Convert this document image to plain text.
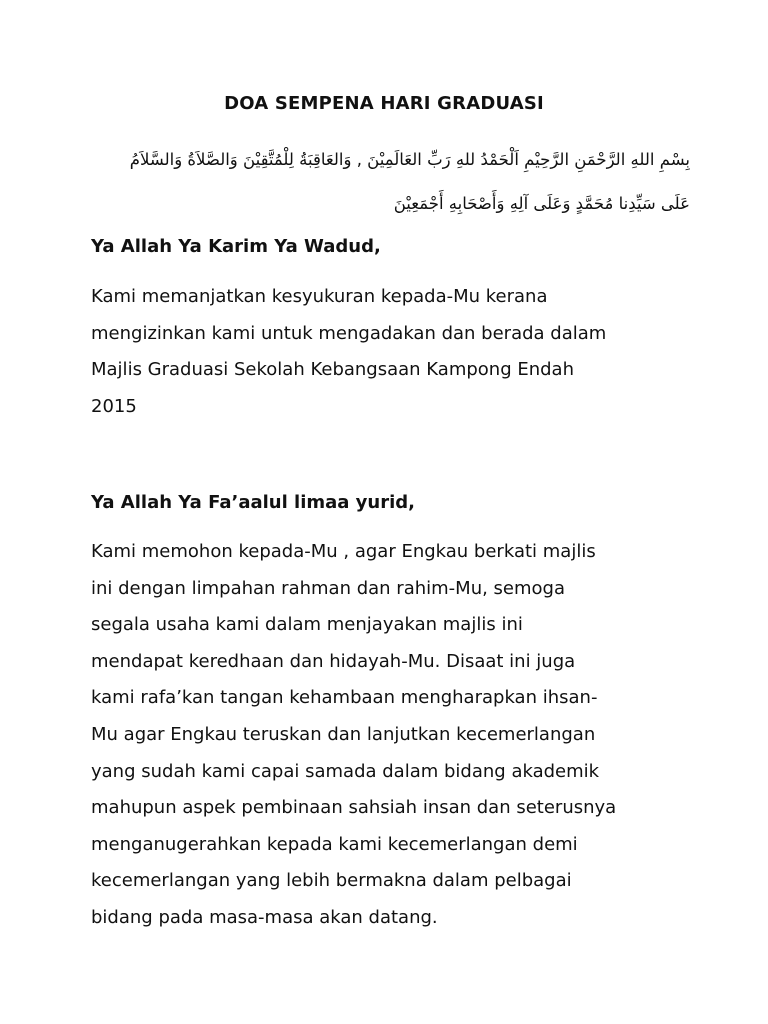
DOA SEMPENA HARI GRADUASI
بِسْمِ اللهِ الرَّحْمَنِ الرَّحِيْمِ اَلْحَمْدُ للهِ رَبِّ العَالَمِيْنَ , وَالعَاقِبَةُ لِلْمُتَّقِيْنَ وَالصَّلاَةُ وَالسَّلاَمُ
عَلَى سَيِّدِنا مُحَمَّدٍ وَعَلَى آلِهِ وَأَصْحَابِهِ أَجْمَعِيْنَ
Ya Allah Ya Karim Ya Wadud,
Kami memanjatkan kesyukuran kepada-Mu kerana
mengizinkan kami untuk mengadakan dan berada dalam
Majlis Graduasi Sekolah Kebangsaan Kampong Endah
2015
Ya Allah Ya Fa’aalul limaa yurid,
Kami memohon kepada-Mu , agar Engkau berkati majlis
ini dengan limpahan rahman dan rahim-Mu, semoga
segala usaha kami dalam menjayakan majlis ini
mendapat keredhaan dan hidayah-Mu. Disaat ini juga
kami rafa’kan tangan kehambaan mengharapkan ihsan-
Mu agar Engkau teruskan dan lanjutkan kecemerlangan
yang sudah kami capai samada dalam bidang akademik
mahupun aspek pembinaan sahsiah insan dan seterusnya
menganugerahkan kepada kami kecemerlangan demi
kecemerlangan yang lebih bermakna dalam pelbagai
bidang pada masa-masa akan datang.
